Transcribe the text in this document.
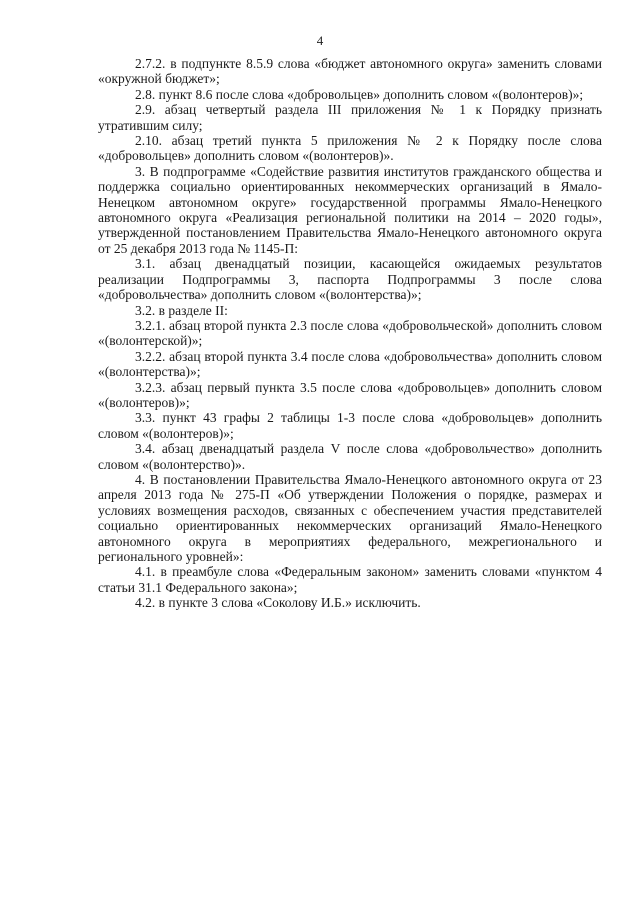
4

2.7.2. в подпункте 8.5.9 слова «бюджет автономного округа» заменить словами «окружной бюджет»;

2.8. пункт 8.6 после слова «добровольцев» дополнить словом «(волонтеров)»;

2.9. абзац четвертый раздела III приложения № 1 к Порядку признать утратившим силу;

2.10. абзац третий пункта 5 приложения № 2 к Порядку после слова «добровольцев» дополнить словом «(волонтеров)».

3. В подпрограмме «Содействие развития институтов гражданского общества и поддержка социально ориентированных некоммерческих организаций в Ямало-Ненецком автономном округе» государственной программы Ямало-Ненецкого автономного округа «Реализация региональной политики на 2014 – 2020 годы», утвержденной постановлением Правительства Ямало-Ненецкого автономного округа от 25 декабря 2013 года № 1145-П:

3.1. абзац двенадцатый позиции, касающейся ожидаемых результатов реализации Подпрограммы 3, паспорта Подпрограммы 3 после слова «добровольчества» дополнить словом «(волонтерства)»;

3.2. в разделе II:

3.2.1. абзац второй пункта 2.3 после слова «добровольческой» дополнить словом «(волонтерской)»;

3.2.2. абзац второй пункта 3.4 после слова «добровольчества» дополнить словом «(волонтерства)»;

3.2.3. абзац первый пункта 3.5 после слова «добровольцев» дополнить словом «(волонтеров)»;

3.3. пункт 43 графы 2 таблицы 1-3 после слова «добровольцев» дополнить словом «(волонтеров)»;

3.4. абзац двенадцатый раздела V после слова «добровольчество» дополнить словом «(волонтерство)».

4. В постановлении Правительства Ямало-Ненецкого автономного округа от 23 апреля 2013 года № 275-П «Об утверждении Положения о порядке, размерах и условиях возмещения расходов, связанных с обеспечением участия представителей социально ориентированных некоммерческих организаций Ямало-Ненецкого автономного округа в мероприятиях федерального, межрегионального и регионального уровней»:

4.1. в преамбуле слова «Федеральным законом» заменить словами «пунктом 4 статьи 31.1 Федерального закона»;

4.2. в пункте 3 слова «Соколову И.Б.» исключить.
